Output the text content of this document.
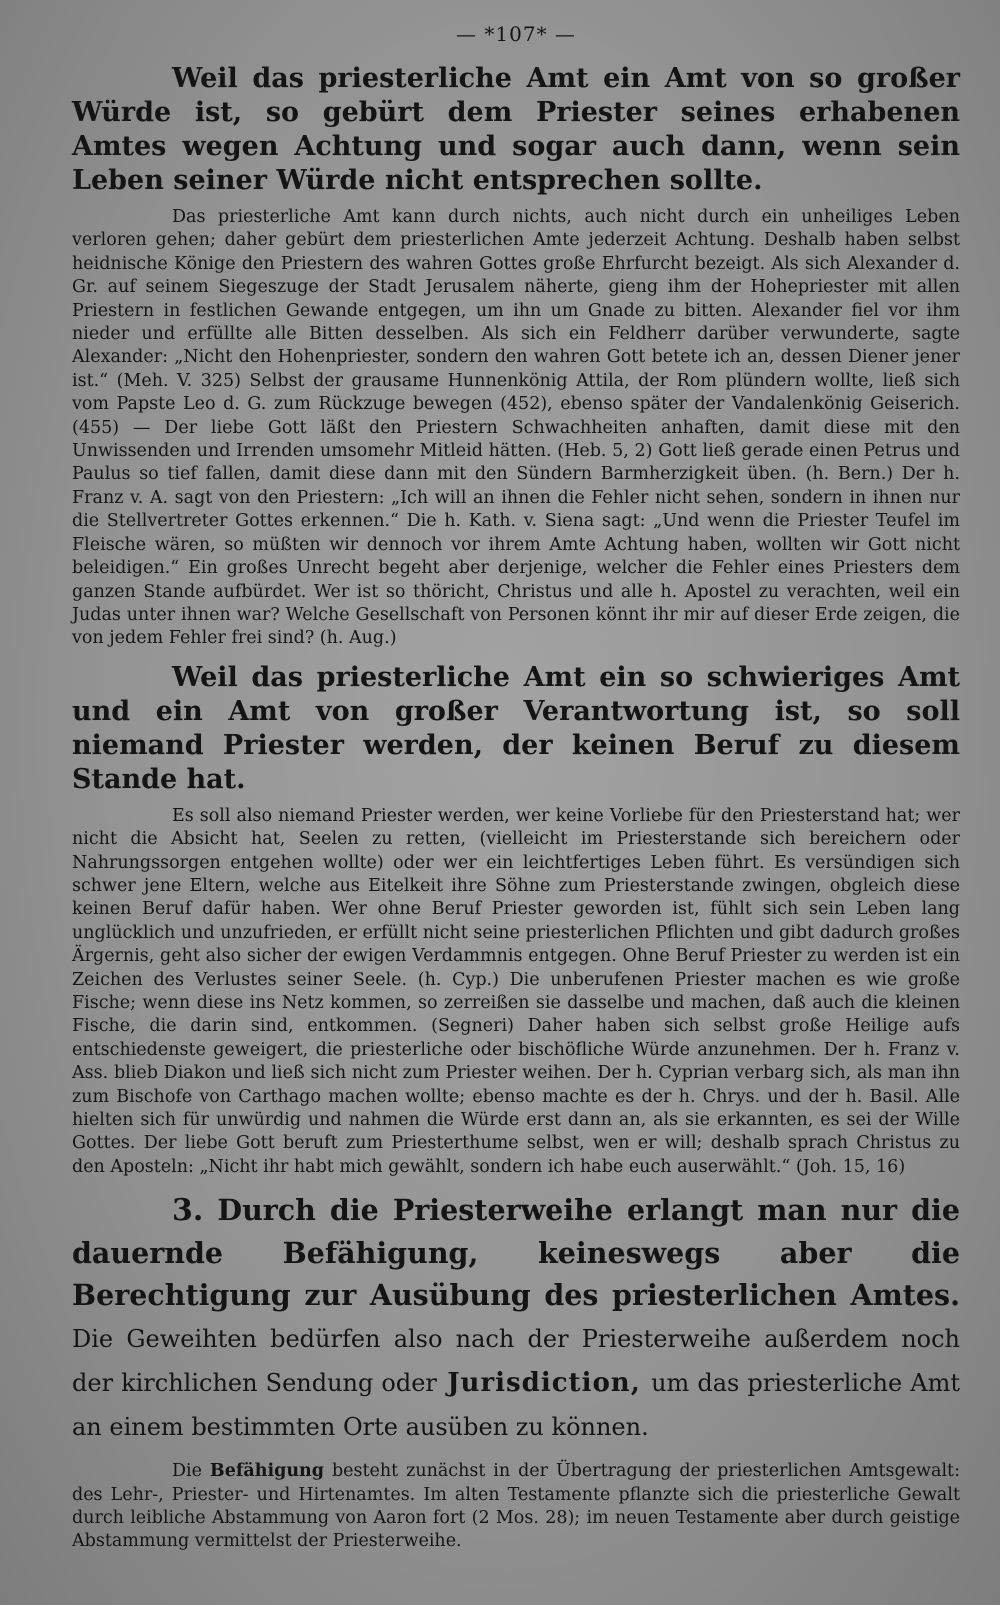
— *107* —

Weil das priesterliche Amt ein Amt von so großer Würde ist, so gebürt dem Priester seines erhabenen Amtes wegen Achtung und sogar auch dann, wenn sein Leben seiner Würde nicht entsprechen sollte.

Das priesterliche Amt kann durch nichts, auch nicht durch ein unheiliges Leben verloren gehen; daher gebürt dem priesterlichen Amte jederzeit Achtung. Deshalb haben selbst heidnische Könige den Priestern des wahren Gottes große Ehrfurcht bezeigt. Als sich Alexander d. Gr. auf seinem Siegeszuge der Stadt Jerusalem näherte, gieng ihm der Hohepriester mit allen Priestern in festlichen Gewande entgegen, um ihn um Gnade zu bitten. Alexander fiel vor ihm nieder und erfüllte alle Bitten desselben. Als sich ein Feldherr darüber verwunderte, sagte Alexander: „Nicht den Hohenpriester, sondern den wahren Gott betete ich an, dessen Diener jener ist.“ (Meh. V. 325) Selbst der grausame Hunnenkönig Attila, der Rom plündern wollte, ließ sich vom Papste Leo d. G. zum Rückzuge bewegen (452), ebenso später der Vandalenkönig Geiserich. (455) — Der liebe Gott läßt den Priestern Schwachheiten anhaften, damit diese mit den Unwissenden und Irrenden umsomehr Mitleid hätten. (Heb. 5, 2) Gott ließ gerade einen Petrus und Paulus so tief fallen, damit diese dann mit den Sündern Barmherzigkeit üben. (h. Bern.) Der h. Franz v. A. sagt von den Priestern: „Ich will an ihnen die Fehler nicht sehen, sondern in ihnen nur die Stellvertreter Gottes erkennen.“ Die h. Kath. v. Siena sagt: „Und wenn die Priester Teufel im Fleische wären, so müßten wir dennoch vor ihrem Amte Achtung haben, wollten wir Gott nicht beleidigen.“ Ein großes Unrecht begeht aber derjenige, welcher die Fehler eines Priesters dem ganzen Stande aufbürdet. Wer ist so thöricht, Christus und alle h. Apostel zu verachten, weil ein Judas unter ihnen war? Welche Gesellschaft von Personen könnt ihr mir auf dieser Erde zeigen, die von jedem Fehler frei sind? (h. Aug.)

Weil das priesterliche Amt ein so schwieriges Amt und ein Amt von großer Verantwortung ist, so soll niemand Priester werden, der keinen Beruf zu diesem Stande hat.

Es soll also niemand Priester werden, wer keine Vorliebe für den Priesterstand hat; wer nicht die Absicht hat, Seelen zu retten, (vielleicht im Priesterstande sich bereichern oder Nahrungssorgen entgehen wollte) oder wer ein leichtfertiges Leben führt. Es versündigen sich schwer jene Eltern, welche aus Eitelkeit ihre Söhne zum Priesterstande zwingen, obgleich diese keinen Beruf dafür haben. Wer ohne Beruf Priester geworden ist, fühlt sich sein Leben lang unglücklich und unzufrieden, er erfüllt nicht seine priesterlichen Pflichten und gibt dadurch großes Ärgernis, geht also sicher der ewigen Verdammnis entgegen. Ohne Beruf Priester zu werden ist ein Zeichen des Verlustes seiner Seele. (h. Cyp.) Die unberufenen Priester machen es wie große Fische; wenn diese ins Netz kommen, so zerreißen sie dasselbe und machen, daß auch die kleinen Fische, die darin sind, entkommen. (Segneri) Daher haben sich selbst große Heilige aufs entschiedenste geweigert, die priesterliche oder bischöfliche Würde anzunehmen. Der h. Franz v. Ass. blieb Diakon und ließ sich nicht zum Priester weihen. Der h. Cyprian verbarg sich, als man ihn zum Bischofe von Carthago machen wollte; ebenso machte es der h. Chrys. und der h. Basil. Alle hielten sich für unwürdig und nahmen die Würde erst dann an, als sie erkannten, es sei der Wille Gottes. Der liebe Gott beruft zum Priesterthume selbst, wen er will; deshalb sprach Christus zu den Aposteln: „Nicht ihr habt mich gewählt, sondern ich habe euch auserwählt.“ (Joh. 15, 16)

3. Durch die Priesterweihe erlangt man nur die dauernde Befähigung, keineswegs aber die Berechtigung zur Ausübung des priesterlichen Amtes. Die Geweihten bedürfen also nach der Priesterweihe außerdem noch der kirchlichen Sendung oder Jurisdiction, um das priesterliche Amt an einem bestimmten Orte ausüben zu können.

Die Befähigung besteht zunächst in der Übertragung der priesterlichen Amtsgewalt: des Lehr-, Priester- und Hirtenamtes. Im alten Testamente pflanzte sich die priesterliche Gewalt durch leibliche Abstammung von Aaron fort (2 Mos. 28); im neuen Testamente aber durch geistige Abstammung vermittelst der Priesterweihe.
